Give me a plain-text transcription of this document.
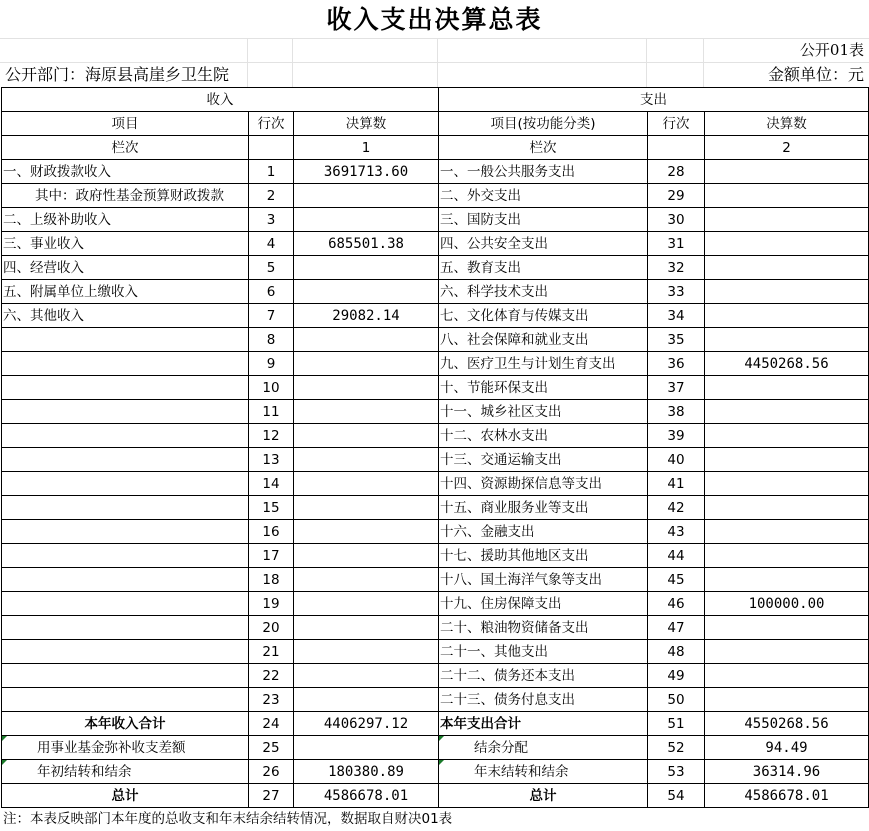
收入支出决算总表
公开01表
公开部门：海原县高崖乡卫生院	金额单位：元
收入			支出		
项目	行次	决算数	项目(按功能分类)	行次	决算数
栏次		1	栏次		2
一、财政拨款收入	1	3691713.60	一、一般公共服务支出	28	
其中：政府性基金预算财政拨款	2		二、外交支出	29	
二、上级补助收入	3		三、国防支出	30	
三、事业收入	4	685501.38	四、公共安全支出	31	
四、经营收入	5		五、教育支出	32	
五、附属单位上缴收入	6		六、科学技术支出	33	
六、其他收入	7	29082.14	七、文化体育与传媒支出	34	
	8		八、社会保障和就业支出	35	
	9		九、医疗卫生与计划生育支出	36	4450268.56
	10		十、节能环保支出	37	
	11		十一、城乡社区支出	38	
	12		十二、农林水支出	39	
	13		十三、交通运输支出	40	
	14		十四、资源勘探信息等支出	41	
	15		十五、商业服务业等支出	42	
	16		十六、金融支出	43	
	17		十七、援助其他地区支出	44	
	18		十八、国土海洋气象等支出	45	
	19		十九、住房保障支出	46	100000.00
	20		二十、粮油物资储备支出	47	
	21		二十一、其他支出	48	
	22		二十二、债务还本支出	49	
	23		二十三、债务付息支出	50	
本年收入合计	24	4406297.12	本年支出合计	51	4550268.56
用事业基金弥补收支差额	25		结余分配	52	94.49
年初结转和结余	26	180380.89	年末结转和结余	53	36314.96
总计	27	4586678.01	总计	54	4586678.01
注：本表反映部门本年度的总收支和年末结余结转情况，数据取自财决01表
